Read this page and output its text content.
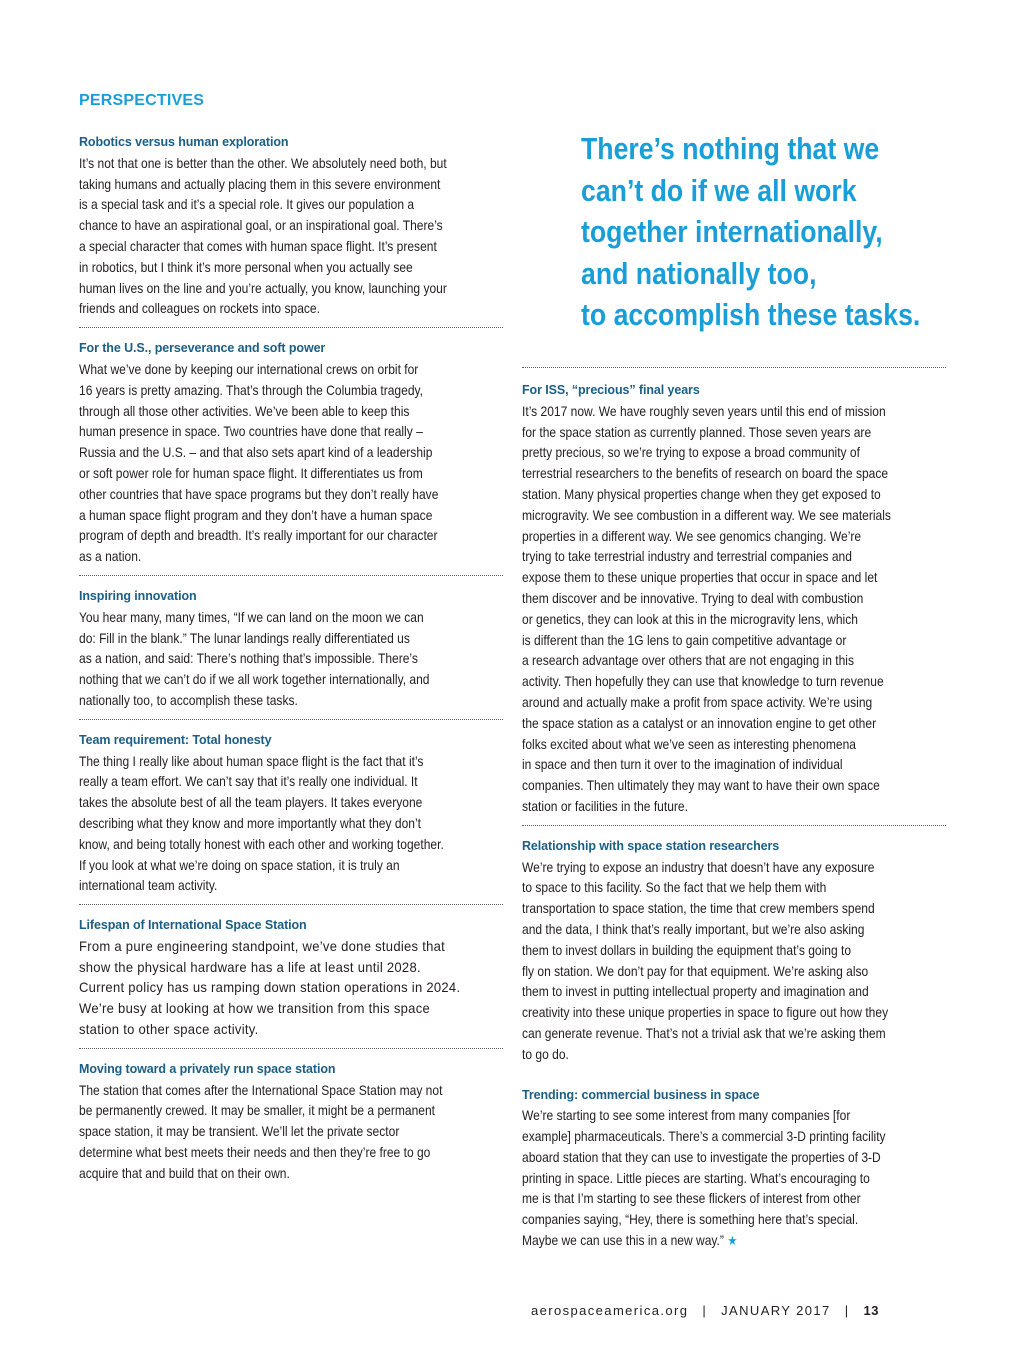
PERSPECTIVES
Robotics versus human exploration
It’s not that one is better than the other. We absolutely need both, but
taking humans and actually placing them in this severe environment
is a special task and it’s a special role. It gives our population a
chance to have an aspirational goal, or an inspirational goal. There’s
a special character that comes with human space flight. It’s present
in robotics, but I think it’s more personal when you actually see
human lives on the line and you’re actually, you know, launching your
friends and colleagues on rockets into space.
For the U.S., perseverance and soft power
What we’ve done by keeping our international crews on orbit for
16 years is pretty amazing. That’s through the Columbia tragedy,
through all those other activities. We’ve been able to keep this
human presence in space. Two countries have done that really –
Russia and the U.S. – and that also sets apart kind of a leadership
or soft power role for human space flight. It differentiates us from
other countries that have space programs but they don’t really have
a human space flight program and they don’t have a human space
program of depth and breadth. It’s really important for our character
as a nation.
Inspiring innovation
You hear many, many times, “If we can land on the moon we can
do: Fill in the blank.” The lunar landings really differentiated us
as a nation, and said: There’s nothing that’s impossible. There’s
nothing that we can’t do if we all work together internationally, and
nationally too, to accomplish these tasks.
Team requirement: Total honesty
The thing I really like about human space flight is the fact that it’s
really a team effort. We can’t say that it’s really one individual. It
takes the absolute best of all the team players. It takes everyone
describing what they know and more importantly what they don’t
know, and being totally honest with each other and working together.
If you look at what we’re doing on space station, it is truly an
international team activity.
Lifespan of International Space Station
From a pure engineering standpoint, we’ve done studies that
show the physical hardware has a life at least until 2028.
Current policy has us ramping down station operations in 2024.
We’re busy at looking at how we transition from this space
station to other space activity.
Moving toward a privately run space station
The station that comes after the International Space Station may not
be permanently crewed. It may be smaller, it might be a permanent
space station, it may be transient. We’ll let the private sector
determine what best meets their needs and then they’re free to go
acquire that and build that on their own.
There’s nothing that we
can’t do if we all work
together internationally,
and nationally too,
to accomplish these tasks.
For ISS, “precious” final years
It’s 2017 now. We have roughly seven years until this end of mission
for the space station as currently planned. Those seven years are
pretty precious, so we’re trying to expose a broad community of
terrestrial researchers to the benefits of research on board the space
station. Many physical properties change when they get exposed to
microgravity. We see combustion in a different way. We see materials
properties in a different way. We see genomics changing. We’re
trying to take terrestrial industry and terrestrial companies and
expose them to these unique properties that occur in space and let
them discover and be innovative. Trying to deal with combustion
or genetics, they can look at this in the microgravity lens, which
is different than the 1G lens to gain competitive advantage or
a research advantage over others that are not engaging in this
activity. Then hopefully they can use that knowledge to turn revenue
around and actually make a profit from space activity. We’re using
the space station as a catalyst or an innovation engine to get other
folks excited about what we’ve seen as interesting phenomena
in space and then turn it over to the imagination of individual
companies. Then ultimately they may want to have their own space
station or facilities in the future.
Relationship with space station researchers
We’re trying to expose an industry that doesn’t have any exposure
to space to this facility. So the fact that we help them with
transportation to space station, the time that crew members spend
and the data, I think that’s really important, but we’re also asking
them to invest dollars in building the equipment that’s going to
fly on station. We don’t pay for that equipment. We’re asking also
them to invest in putting intellectual property and imagination and
creativity into these unique properties in space to figure out how they
can generate revenue. That’s not a trivial ask that we’re asking them
to go do.
Trending: commercial business in space
We’re starting to see some interest from many companies [for
example] pharmaceuticals. There’s a commercial 3-D printing facility
aboard station that they can use to investigate the properties of 3-D
printing in space. Little pieces are starting. What’s encouraging to
me is that I’m starting to see these flickers of interest from other
companies saying, “Hey, there is something here that’s special.
Maybe we can use this in a new way.” ★
aerospaceamerica.org | JANUARY 2017 | 13
